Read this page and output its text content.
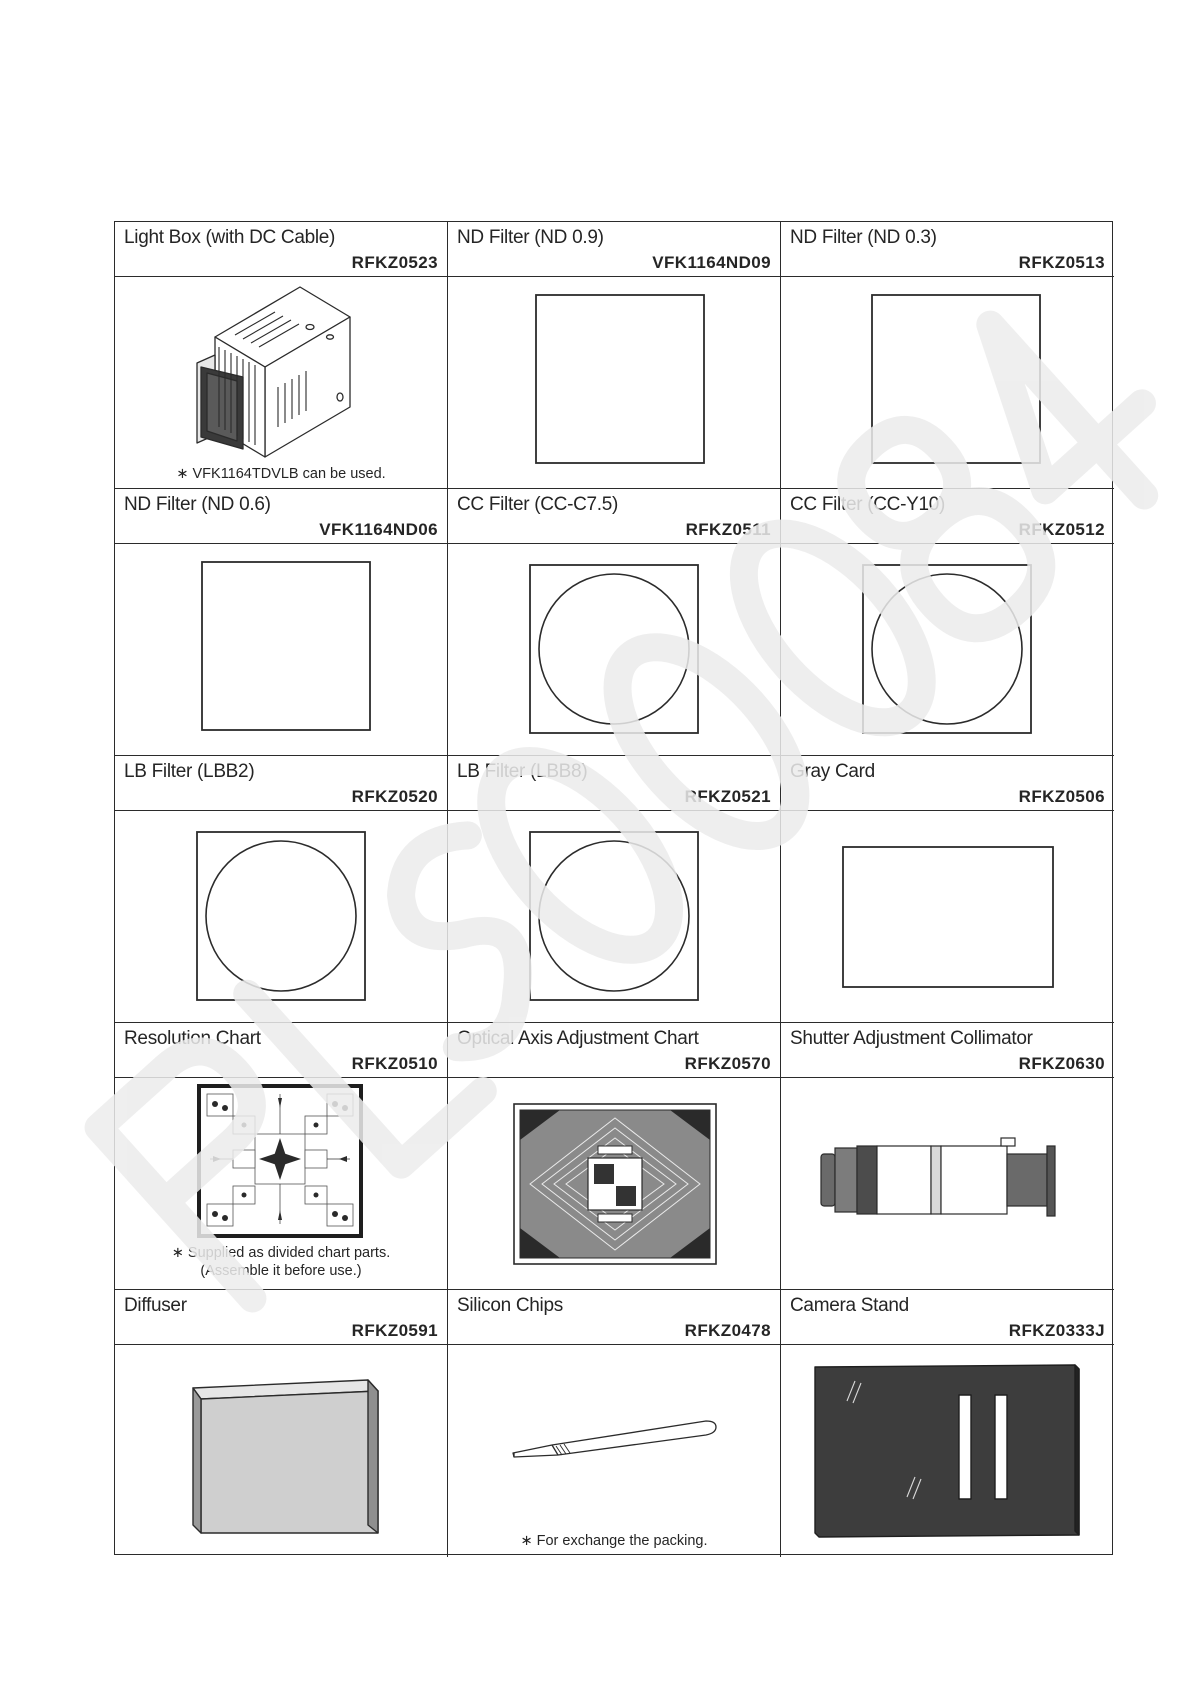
Light Box (with DC Cable)
RFKZ0523
ND Filter (ND 0.9)
VFK1164ND09
ND Filter (ND 0.3)
RFKZ0513
∗ VFK1164TDVLB can be used.
ND Filter (ND 0.6)
VFK1164ND06
CC Filter (CC-C7.5)
RFKZ0511
CC Filter (CC-Y10)
RFKZ0512
LB Filter (LBB2)
RFKZ0520
LB Filter (LBB8)
RFKZ0521
Gray Card
RFKZ0506
Resolution Chart
RFKZ0510
Optical Axis Adjustment Chart
RFKZ0570
Shutter Adjustment Collimator
RFKZ0630
∗ Supplied as divided chart parts.
(Assemble it before use.)
Diffuser
RFKZ0591
Silicon Chips
RFKZ0478
Camera Stand
RFKZ0333J
∗ For exchange the packing.
